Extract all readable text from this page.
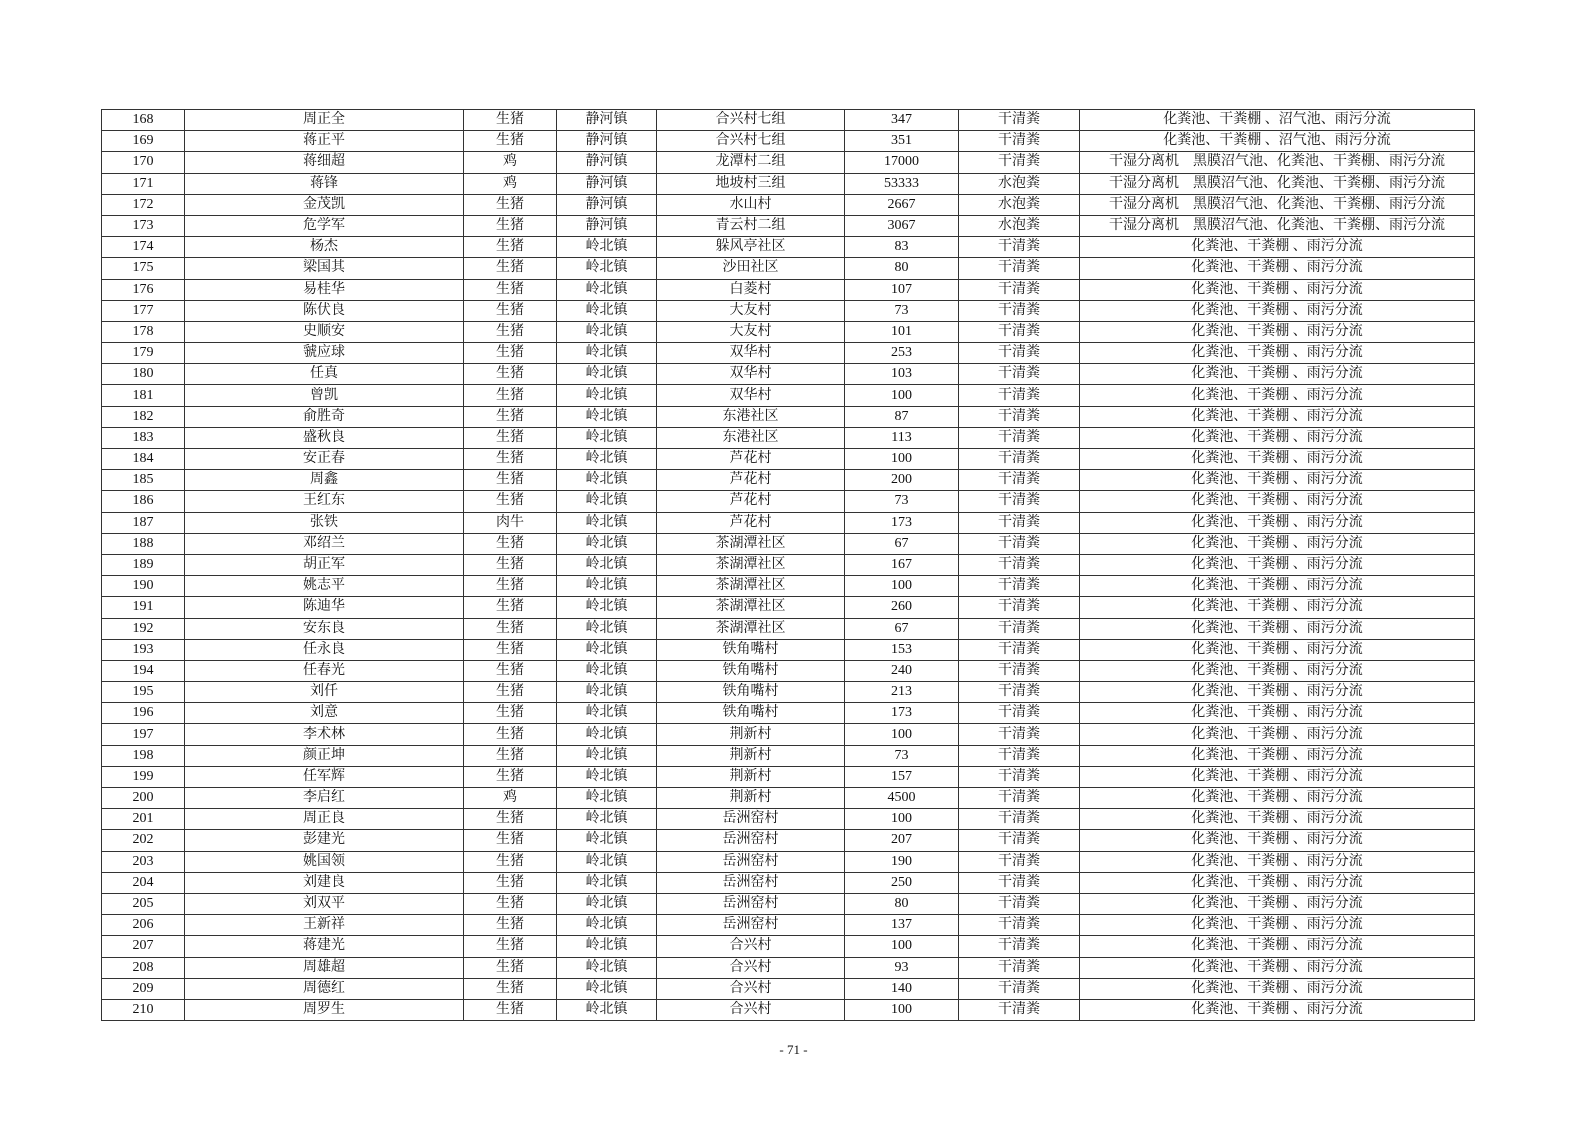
168	周正全	生猪	静河镇	合兴村七组	347	干清粪	化粪池、干粪棚 、沼气池、雨污分流
169	蒋正平	生猪	静河镇	合兴村七组	351	干清粪	化粪池、干粪棚 、沼气池、雨污分流
170	蒋细超	鸡	静河镇	龙潭村二组	17000	干清粪	干湿分离机　黑膜沼气池、化粪池、干粪棚、雨污分流
171	蒋锋	鸡	静河镇	地坡村三组	53333	水泡粪	干湿分离机　黑膜沼气池、化粪池、干粪棚、雨污分流
172	金茂凯	生猪	静河镇	水山村	2667	水泡粪	干湿分离机　黑膜沼气池、化粪池、干粪棚、雨污分流
173	危学军	生猪	静河镇	青云村二组	3067	水泡粪	干湿分离机　黑膜沼气池、化粪池、干粪棚、雨污分流
174	杨杰	生猪	岭北镇	躲风亭社区	83	干清粪	化粪池、干粪棚 、雨污分流
175	梁国其	生猪	岭北镇	沙田社区	80	干清粪	化粪池、干粪棚 、雨污分流
176	易桂华	生猪	岭北镇	白菱村	107	干清粪	化粪池、干粪棚 、雨污分流
177	陈伏良	生猪	岭北镇	大友村	73	干清粪	化粪池、干粪棚 、雨污分流
178	史顺安	生猪	岭北镇	大友村	101	干清粪	化粪池、干粪棚 、雨污分流
179	虢应球	生猪	岭北镇	双华村	253	干清粪	化粪池、干粪棚 、雨污分流
180	任真	生猪	岭北镇	双华村	103	干清粪	化粪池、干粪棚 、雨污分流
181	曾凯	生猪	岭北镇	双华村	100	干清粪	化粪池、干粪棚 、雨污分流
182	俞胜奇	生猪	岭北镇	东港社区	87	干清粪	化粪池、干粪棚 、雨污分流
183	盛秋良	生猪	岭北镇	东港社区	113	干清粪	化粪池、干粪棚 、雨污分流
184	安正春	生猪	岭北镇	芦花村	100	干清粪	化粪池、干粪棚 、雨污分流
185	周鑫	生猪	岭北镇	芦花村	200	干清粪	化粪池、干粪棚 、雨污分流
186	王红东	生猪	岭北镇	芦花村	73	干清粪	化粪池、干粪棚 、雨污分流
187	张铁	肉牛	岭北镇	芦花村	173	干清粪	化粪池、干粪棚 、雨污分流
188	邓绍兰	生猪	岭北镇	茶湖潭社区	67	干清粪	化粪池、干粪棚 、雨污分流
189	胡正军	生猪	岭北镇	茶湖潭社区	167	干清粪	化粪池、干粪棚 、雨污分流
190	姚志平	生猪	岭北镇	茶湖潭社区	100	干清粪	化粪池、干粪棚 、雨污分流
191	陈迪华	生猪	岭北镇	茶湖潭社区	260	干清粪	化粪池、干粪棚 、雨污分流
192	安东良	生猪	岭北镇	茶湖潭社区	67	干清粪	化粪池、干粪棚 、雨污分流
193	任永良	生猪	岭北镇	铁角嘴村	153	干清粪	化粪池、干粪棚 、雨污分流
194	任春光	生猪	岭北镇	铁角嘴村	240	干清粪	化粪池、干粪棚 、雨污分流
195	刘仟	生猪	岭北镇	铁角嘴村	213	干清粪	化粪池、干粪棚 、雨污分流
196	刘意	生猪	岭北镇	铁角嘴村	173	干清粪	化粪池、干粪棚 、雨污分流
197	李术林	生猪	岭北镇	荆新村	100	干清粪	化粪池、干粪棚 、雨污分流
198	颜正坤	生猪	岭北镇	荆新村	73	干清粪	化粪池、干粪棚 、雨污分流
199	任军辉	生猪	岭北镇	荆新村	157	干清粪	化粪池、干粪棚 、雨污分流
200	李启红	鸡	岭北镇	荆新村	4500	干清粪	化粪池、干粪棚 、雨污分流
201	周正良	生猪	岭北镇	岳洲窑村	100	干清粪	化粪池、干粪棚 、雨污分流
202	彭建光	生猪	岭北镇	岳洲窑村	207	干清粪	化粪池、干粪棚 、雨污分流
203	姚国领	生猪	岭北镇	岳洲窑村	190	干清粪	化粪池、干粪棚 、雨污分流
204	刘建良	生猪	岭北镇	岳洲窑村	250	干清粪	化粪池、干粪棚 、雨污分流
205	刘双平	生猪	岭北镇	岳洲窑村	80	干清粪	化粪池、干粪棚 、雨污分流
206	王新祥	生猪	岭北镇	岳洲窑村	137	干清粪	化粪池、干粪棚 、雨污分流
207	蒋建光	生猪	岭北镇	合兴村	100	干清粪	化粪池、干粪棚 、雨污分流
208	周雄超	生猪	岭北镇	合兴村	93	干清粪	化粪池、干粪棚 、雨污分流
209	周德红	生猪	岭北镇	合兴村	140	干清粪	化粪池、干粪棚 、雨污分流
210	周罗生	生猪	岭北镇	合兴村	100	干清粪	化粪池、干粪棚 、雨污分流
- 71 -
